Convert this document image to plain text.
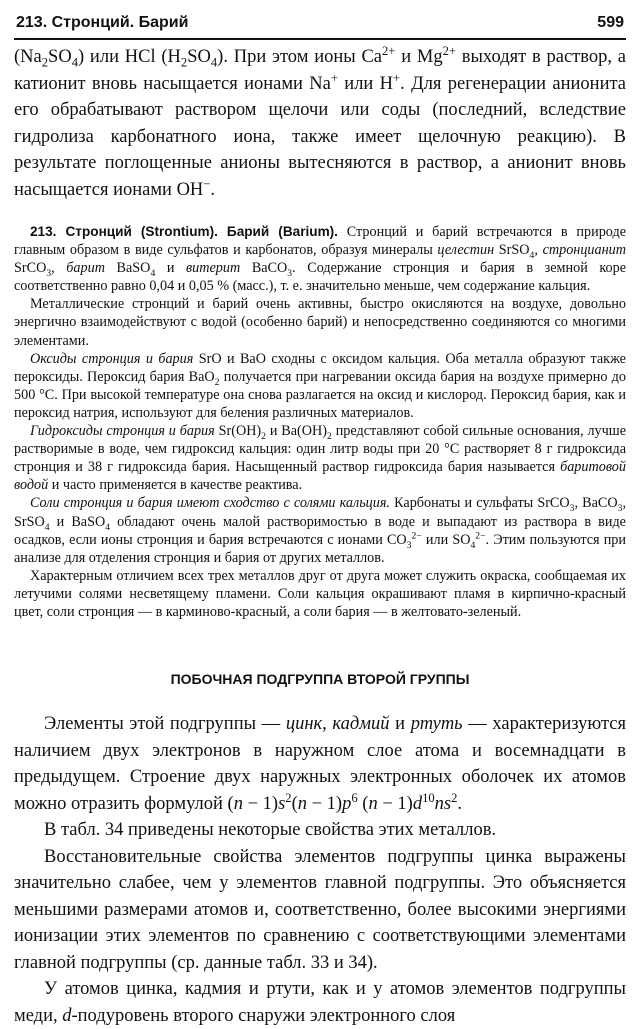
213. Стронций. Барий	599

$(Na_2SO_4)$ или HCl $(H_2SO_4)$. При этом ионы $Ca^{2+}$ и $Mg^{2+}$ выходят в раствор, а катионит вновь насыщается ионами Na+ или H+. Для регенерации анионита его обрабатывают раствором щелочи или соды (последний, вследствие гидролиза карбонатного иона, также имеет щелочную реакцию). В результате поглощенные анионы вытесняются в раствор, а анионит вновь насыщается ионами OH−.

213. Стронций (Strontium). Барий (Barium). Стронций и барий встречаются в природе главным образом в виде сульфатов и карбонатов, образуя минералы целестин SrSO$_4$, стронцианит SrCO$_3$, барит BaSO$_4$ и витерит BaCO$_3$. Содержание стронция и бария в земной коре соответственно равно 0,04 и 0,05 % (масс.), т. е. значительно меньше, чем содержание кальция.

Металлические стронций и барий очень активны, быстро окисляются на воздухе, довольно энергично взаимодействуют с водой (особенно барий) и непосредственно соединяются со многими элементами.

Оксиды стронция и бария SrO и BaO сходны с оксидом кальция. Оба металла образуют также пероксиды. Пероксид бария BaO$_2$ получается при нагревании оксида бария на воздухе примерно до 500 °C. При высокой температуре она снова разлагается на оксид и кислород. Пероксид бария, как и пероксид натрия, используют для беления различных материалов.

Гидроксиды стронция и бария $Sr(OH)_2$ и $Ba(OH)_2$ представляют собой сильные основания, лучше растворимые в воде, чем гидроксид кальция: один литр воды при 20 °C растворяет 8 г гидроксида стронция и 38 г гидроксида бария. Насыщенный раствор гидроксида бария называется баритовой водой и часто применяется в качестве реактива.

Соли стронция и бария имеют сходство с солями кальция. Карбонаты и сульфаты SrCO$_3$, BaCO$_3$, SrSO$_4$ и BaSO$_4$ обладают очень малой растворимостью в воде и выпадают из раствора в виде осадков, если ионы стронция и бария встречаются с ионами $CO_3^{2-}$ или $SO_4^{2-}$. Этим пользуются при анализе для отделения стронция и бария от других металлов.

Характерным отличием всех трех металлов друг от друга может служить окраска, сообщаемая их летучими солями несветящему пламени. Соли кальция окрашивают пламя в кирпично-красный цвет, соли стронция — в карминово-красный, а соли бария — в желтовато-зеленый.

ПОБОЧНАЯ ПОДГРУППА ВТОРОЙ ГРУППЫ

Элементы этой подгруппы — цинк, кадмий и ртуть — характеризуются наличием двух электронов в наружном слое атома и восемнадцати в предыдущем. Строение двух наружных электронных оболочек их атомов можно отразить формулой $(n - 1)s^2(n - 1)p^6$ $(n - 1)d^{10}ns^2$.

В табл. 34 приведены некоторые свойства этих металлов.

Восстановительные свойства элементов подгруппы цинка выражены значительно слабее, чем у элементов главной подгруппы. Это объясняется меньшими размерами атомов и, соответственно, более высокими энергиями ионизации этих элементов по сравнению с соответствующими элементами главной подгруппы (ср. данные табл. 33 и 34).

У атомов цинка, кадмия и ртути, как и у атомов элементов подгруппы меди, d-подуровень второго снаружи электронного слоя
